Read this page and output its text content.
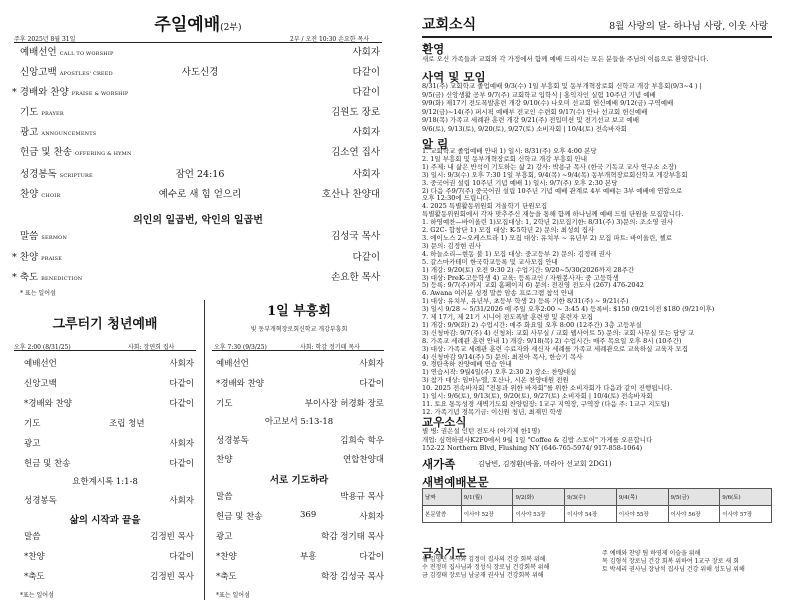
주일예배(2부)
주후 2025년 8월 31일	2부 / 오전 10:30 손요한 목사
예배선언 CALL TO WORSHIP	사회자
신앙고백 APOSTLES' CREED	사도신경	다같이
* 경배와 찬양 PRAISE & WORSHIP	다같이
기도 PRAYER	김원도 장로
광고 ANNOUNCEMENTS	사회자
헌금 및 찬송 OFFERING & HYMN	김소연 집사
성경봉독 SCRIPTURE	잠언 24:16	사회자
찬양 CHOIR	예수로 새 힘 얻으리	호산나 찬양대
의인의 일곱번, 악인의 일곱번
말씀 SERMON	김성국 목사
* 찬양 PRAISE	다같이
* 축도 BENEDICTION	손요한 목사
* 표는 일어섬
그루터기 청년예배
오후 2:00 (8/31/25)	사회: 장연희 집사
예배선언	사회자
신앙고백	다같이
*경배와 찬양	다같이
기도	조립 청년
광고	사회자
헌금 및 찬송	다같이
요한계시록 1:1-8
성경봉독	사회자
삶의 시작과 끝을
말씀	김정빈 목사
*찬양	다같이
*축도	김정빈 목사
*표는 일어섬
1일 부흥회
빛 동부개혁장로회신학교 개강부흥회
오후 7:30 (9/3/25)	사회: 학감 정기태 목사
예배선언	사회자
*경배와 찬양	다같이
기도	부이사장 허경화 장로
아고보서 5:13-18
성경봉독	김희숙 학우
찬양	연합찬양대
서로 기도하라
말씀	박용규 목사
헌금 및 찬송	369	사회자
광고	학감 정기태 목사
*찬양	부흥	다같이
*축도	학장 김성국 목사
*표는 일어섬
교회소식	8월 사랑의 달- 하나님 사랑, 이웃 사랑
환영
새로 오신 가족들과 교회와 각 가정에서 함께 예배 드리시는 모든 분들을 주님의 이름으로 환영합니다.
사역 및 모임
8/31(주) 교회학교 졸업예배 9/3(수) 1일 부흥회 및 동부개혁장로회 신학교 개강 부흥회(9/3~4 ) |
9/5(금) 신앙생활 공부 9/7(주) 교회학교 입학식 | 홍익자인 실험 10주년 기념 예배
9/9(화) 제17기 전도폭발훈련 개강 9/10(수) 나오미 선교회 헌신예배 9/12(금) 구역예배
9/12(금)~14(주) 퍼시픽 예배부 전교인 수련회 9/17(수) 안나 선교회 헌신예배
9/18(목) 가족교 세례관 훈련 개강 9/21(주) 전입미션 및 전기선교 보고 예배
9/6(토), 9/13(토), 9/20(토), 9/27(토) 소비자회 | 10/4(토) 전속바자회
알 림
1. 교회학교 졸업예배 안내 1) 일시: 8/31(주) 오후 4:00 본당
2. 1일 부흥회 및 동부개혁장로회 신학교 개강 부흥회 안내
1) 주제: 내 삶은 반석이 기도하는 삶 2) 강사: 박용규 목사 (한국 기독교 교사 연구소 소장)
3) 일시: 9/3(수) 오후 7:30 1일 부흥회, 9/4(목) ~9/4(목) 동부개혁장로회신학교 개강부흥회
3. 중국어권 설립 10주년 기념 예배 1) 일시: 9/7(주) 오후 2:30 본당
2) 다음 주9/7(주) 중국어권 설립 10주년 기념 예배 관계로 4부 예배는 3부 예배에 연합으로
오후 12:30에 드립니다.
4. 2025 특별활동위원회 겨울학기 단원모집
특별활동위원회에서 각자 맞추주신 재능을 통해 함께 하나님께 예배 드릴 단원을 모집합니다.
1. 하영예찬—바이올린 1)모집대상: 1, 2학년 2)모집기한: 8/31(주) 3)문의: 조소영 권사
2. G2C- 합창단 1) 모집 대상: K-5학년 2) 문의: 최성희 집사
3. 에이노스 2~오케스트라 1) 모집 대상: 유치부 ~ 유년부 2) 모집 파트: 바이올린, 첼로
3) 문의: 김정현 권사
4. 하늘소리—현동 불 1) 모집 대상: 중고등부 2) 문의: 김정래 권사
5. 갈스마카테미 한국학교등록 및 교사모집 안내
1) 개강: 9/20(토) 오전 9:30 2) 수업기간: 9/20~5/30(2026까지 28주간
3) 대상: PreK-고등학생 4) 교육: 등록교인 / 자원봉사자: 중 고등학생
5) 등록: 9/7(주)까지 교회 홈페이지 6) 문의: 전진영 전도사 (267) 476-2042
6. Awana 여러분 성경 말씀 암송 프로그램 참석 안내
1) 대상: 유치부, 유년부, 초등부 학생 2) 등록 기한 8/31(주) ~ 9/21(주)
3) 일시 9/28 ~ 5/31/2026 매 주일 오후2:00 ~ 3:45 4) 등록비: $150 (9/21이전 $180 (9/21이후)
7. 제 17기, 제 21기 시니어 전도폭발 훈련생 및 훈련자 모집
1) 개강: 9/9(화) 2) 수업시간: 매주 화요일 오후 8:00 (12주간) 3층 고등부실
3) 신청마감: 9/7(주) 4) 신청처: 교회 사무실 / 교회 웹사이트 5) 문의: 교회 사무실 또는 담당 교
8. 가족교 세례관 훈련 안내 1) 개강: 9/18(목) 2) 수업시간: 매주 목요일 오후 8시 (10주간)
3) 대상: 가족교 세례관 훈련 수료자와 새신자 세례를 가족교 세례관으로 교육하실 교육자 모집
4) 신청마감 9/14(주) 5) 문의: 최진아 목사, 한승기 목사
9. 경탄축하 찬양예배 연습 안내
1) 연습시작: 9월4일(주) 오후 2:30 2) 장소: 찬양대실
3) 참가 대상: 임마누엘, 호산나, 시온 찬양대원 전원
10. 2025 전속바자회 "전통과 위한 바자회"를 위한 소비자회가 다음과 같이 진행됩니다.
1) 일시: 9/6(토), 9/13(토), 9/20(토), 9/27(토) 소비자회 | 10/4(토) 전속바자회
11. 토요 통독성경 새벽기도회 찬양팀장: 1교구 지역장, 구역장 (다음 주: 1교구 지도팀)
12. 가족기념 경목기금: 이신원 청년, 최재민 학생
교우소식
별 병: 권은설 인턴 전도사 (아기제 한1명)
개업: 심혁하권사K2F0에서 9월 1일 "Coffee & 김밥 스토어" 가게를 오픈합니다
152-22 Northern Blvd, Flushing NY (646-765-5974/ 917-858-1064)
새가족	김남빈, 김정환(바울, 마라아 선교회 2DG1)
새벽예배본문
날짜	9/1(월)	9/2(화)	9/3(수)	9/4(목)	9/5(금)	9/6(토)
본문말씀	이사야 52장	이사야 53장	이사야 54장	이사야 55장	이사야 56장	이사야 57장
금식기도
월 김영민 목사와 김정미 집사의 건강 회복 위해
수 전정미 집사님과 정성식 장로님 건강회복 위해
금 김경태 장로님 남궁재 권사님 건강회복 위해
주 예배와 찬양 팀 하영제 이슬을 위해
목 김형석 장로님 건강 회복 위하여 1교구 장로 새 회
토 박세리 권사님 장남석 집사님 건강 위해 성도님 위해
